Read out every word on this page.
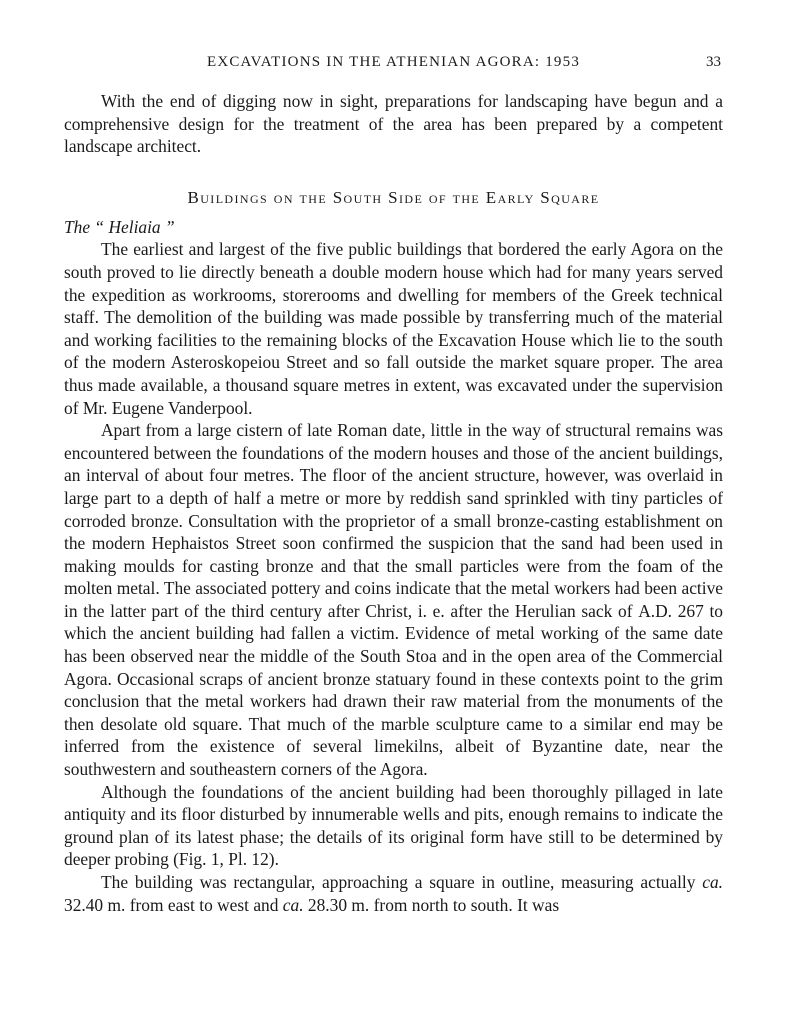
EXCAVATIONS IN THE ATHENIAN AGORA: 1953	33

With the end of digging now in sight, preparations for landscaping have begun and a comprehensive design for the treatment of the area has been prepared by a competent landscape architect.

Buildings on the South Side of the Early Square
The “ Heliaia ”

The earliest and largest of the five public buildings that bordered the early Agora on the south proved to lie directly beneath a double modern house which had for many years served the expedition as workrooms, storerooms and dwelling for members of the Greek technical staff. The demolition of the building was made possible by transferring much of the material and working facilities to the remaining blocks of the Excavation House which lie to the south of the modern Asteroskopeiou Street and so fall outside the market square proper. The area thus made available, a thousand square metres in extent, was excavated under the supervision of Mr. Eugene Vanderpool.

Apart from a large cistern of late Roman date, little in the way of structural remains was encountered between the foundations of the modern houses and those of the ancient buildings, an interval of about four metres. The floor of the ancient structure, however, was overlaid in large part to a depth of half a metre or more by reddish sand sprinkled with tiny particles of corroded bronze. Consultation with the proprietor of a small bronze-casting establishment on the modern Hephaistos Street soon confirmed the suspicion that the sand had been used in making moulds for casting bronze and that the small particles were from the foam of the molten metal. The associated pottery and coins indicate that the metal workers had been active in the latter part of the third century after Christ, i. e. after the Herulian sack of A.D. 267 to which the ancient building had fallen a victim. Evidence of metal working of the same date has been observed near the middle of the South Stoa and in the open area of the Commercial Agora. Occasional scraps of ancient bronze statuary found in these contexts point to the grim conclusion that the metal workers had drawn their raw material from the monuments of the then desolate old square. That much of the marble sculpture came to a similar end may be inferred from the existence of several limekilns, albeit of Byzantine date, near the southwestern and southeastern corners of the Agora.

Although the foundations of the ancient building had been thoroughly pillaged in late antiquity and its floor disturbed by innumerable wells and pits, enough remains to indicate the ground plan of its latest phase; the details of its original form have still to be determined by deeper probing (Fig. 1, Pl. 12).

The building was rectangular, approaching a square in outline, measuring actually ca. 32.40 m. from east to west and ca. 28.30 m. from north to south. It was
